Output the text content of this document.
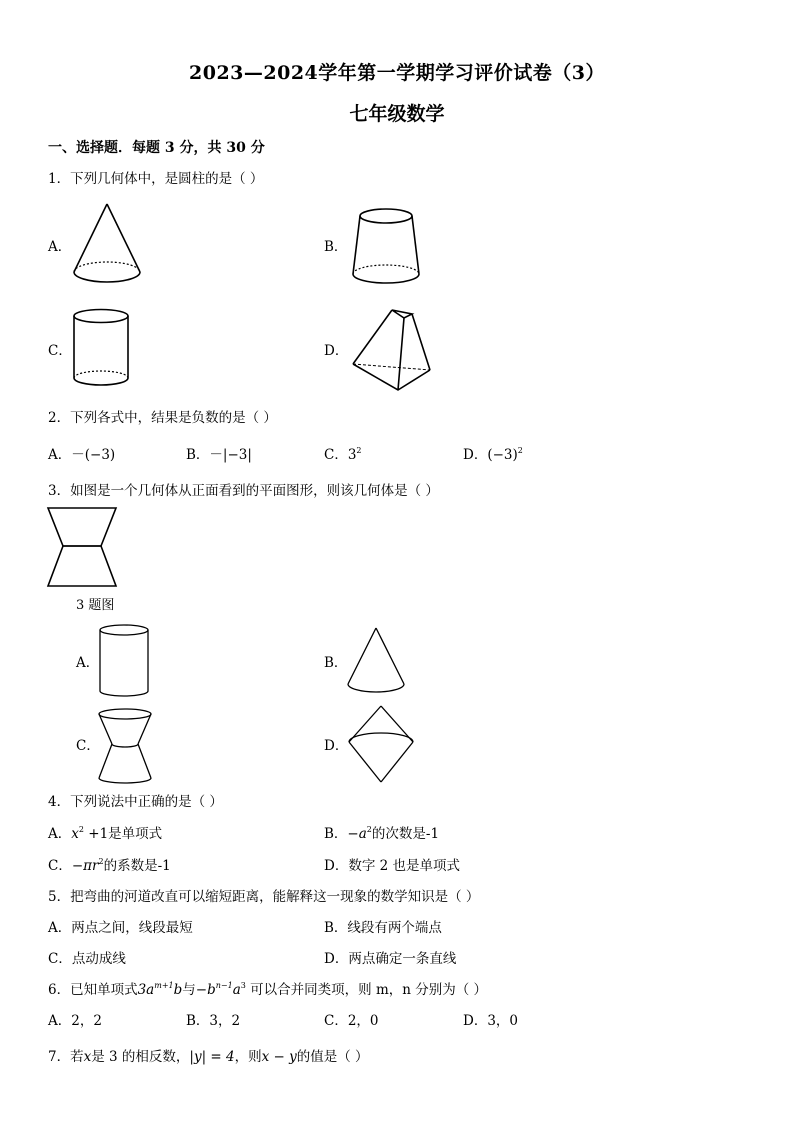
2023—2024学年第一学期学习评价试卷（3）
七年级数学
一、选择题．每题 3 分，共 30 分
1．下列几何体中，是圆柱的是（ ）
A．	B．
C．	D．
2．下列各式中，结果是负数的是（ ）
A．－(−3)	B．－|−3|	C．$3^2$	D．$(-3)^2$
3．如图是一个几何体从正面看到的平面图形，则该几何体是（ ）
3 题图
A．	B．
C．	D．
4．下列说法中正确的是（ ）
A．$x^2 +1$是单项式	B．$-a^2$的次数是-1
C．$-\pi r^2$的系数是-1	D．数字 2 也是单项式
5．把弯曲的河道改直可以缩短距离，能解释这一现象的数学知识是（ ）
A．两点之间，线段最短	B．线段有两个端点
C．点动成线	D．两点确定一条直线
6．已知单项式$3a^{m+1}b$与$-b^{n-1}a^3$ 可以合并同类项，则 m，n 分别为（ ）
A．2，2	B．3，2	C．2，0	D．3，0
7．若x是 3 的相反数，|y| = 4，则x − y的值是（ ）
